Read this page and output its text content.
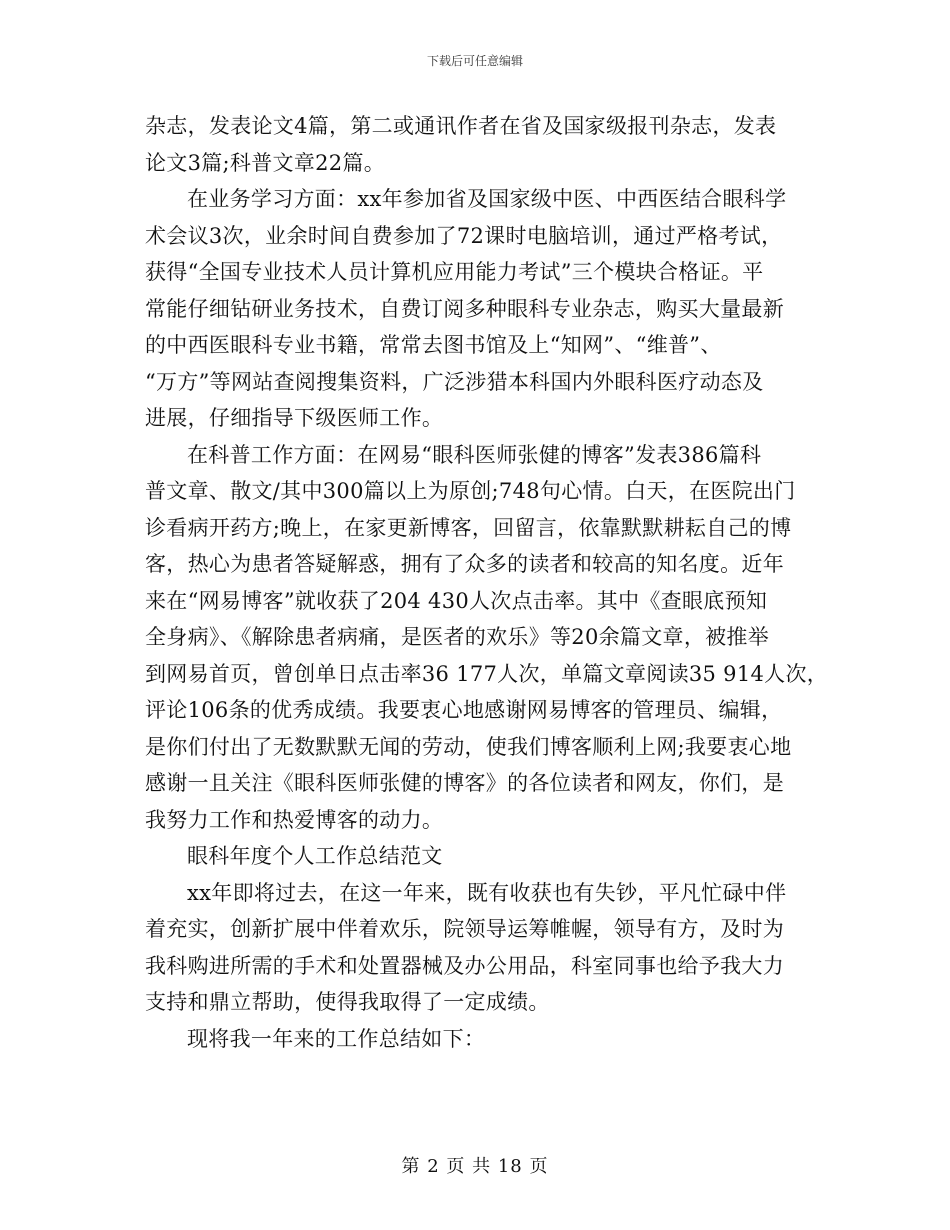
下载后可任意编辑
杂志，发表论文4篇，第二或通讯作者在省及国家级报刊杂志，发表
论文3篇;科普文章22篇。
在业务学习方面：xx年参加省及国家级中医、中西医结合眼科学
术会议3次，业余时间自费参加了72课时电脑培训，通过严格考试，
获得“全国专业技术人员计算机应用能力考试”三个模块合格证。平
常能仔细钻研业务技术，自费订阅多种眼科专业杂志，购买大量最新
的中西医眼科专业书籍，常常去图书馆及上“知网”、“维普”、
“万方”等网站查阅搜集资料，广泛涉猎本科国内外眼科医疗动态及
进展，仔细指导下级医师工作。
在科普工作方面：在网易“眼科医师张健的博客”发表386篇科
普文章、散文/其中300篇以上为原创;748句心情。白天，在医院出门
诊看病开药方;晚上，在家更新博客，回留言，依靠默默耕耘自己的博
客，热心为患者答疑解惑，拥有了众多的读者和较高的知名度。近年
来在“网易博客”就收获了204 430人次点击率。其中《查眼底预知
全身病》、《解除患者病痛，是医者的欢乐》等20余篇文章，被推举
到网易首页，曾创单日点击率36 177人次，单篇文章阅读35 914人次，
评论106条的优秀成绩。我要衷心地感谢网易博客的管理员、编辑，
是你们付出了无数默默无闻的劳动，使我们博客顺利上网;我要衷心地
感谢一且关注《眼科医师张健的博客》的各位读者和网友，你们，是
我努力工作和热爱博客的动力。
眼科年度个人工作总结范文
xx年即将过去，在这一年来，既有收获也有失钞，平凡忙碌中伴
着充实，创新扩展中伴着欢乐，院领导运筹帷幄，领导有方，及时为
我科购进所需的手术和处置器械及办公用品，科室同事也给予我大力
支持和鼎立帮助，使得我取得了一定成绩。
现将我一年来的工作总结如下：
第 2 页 共 18 页
